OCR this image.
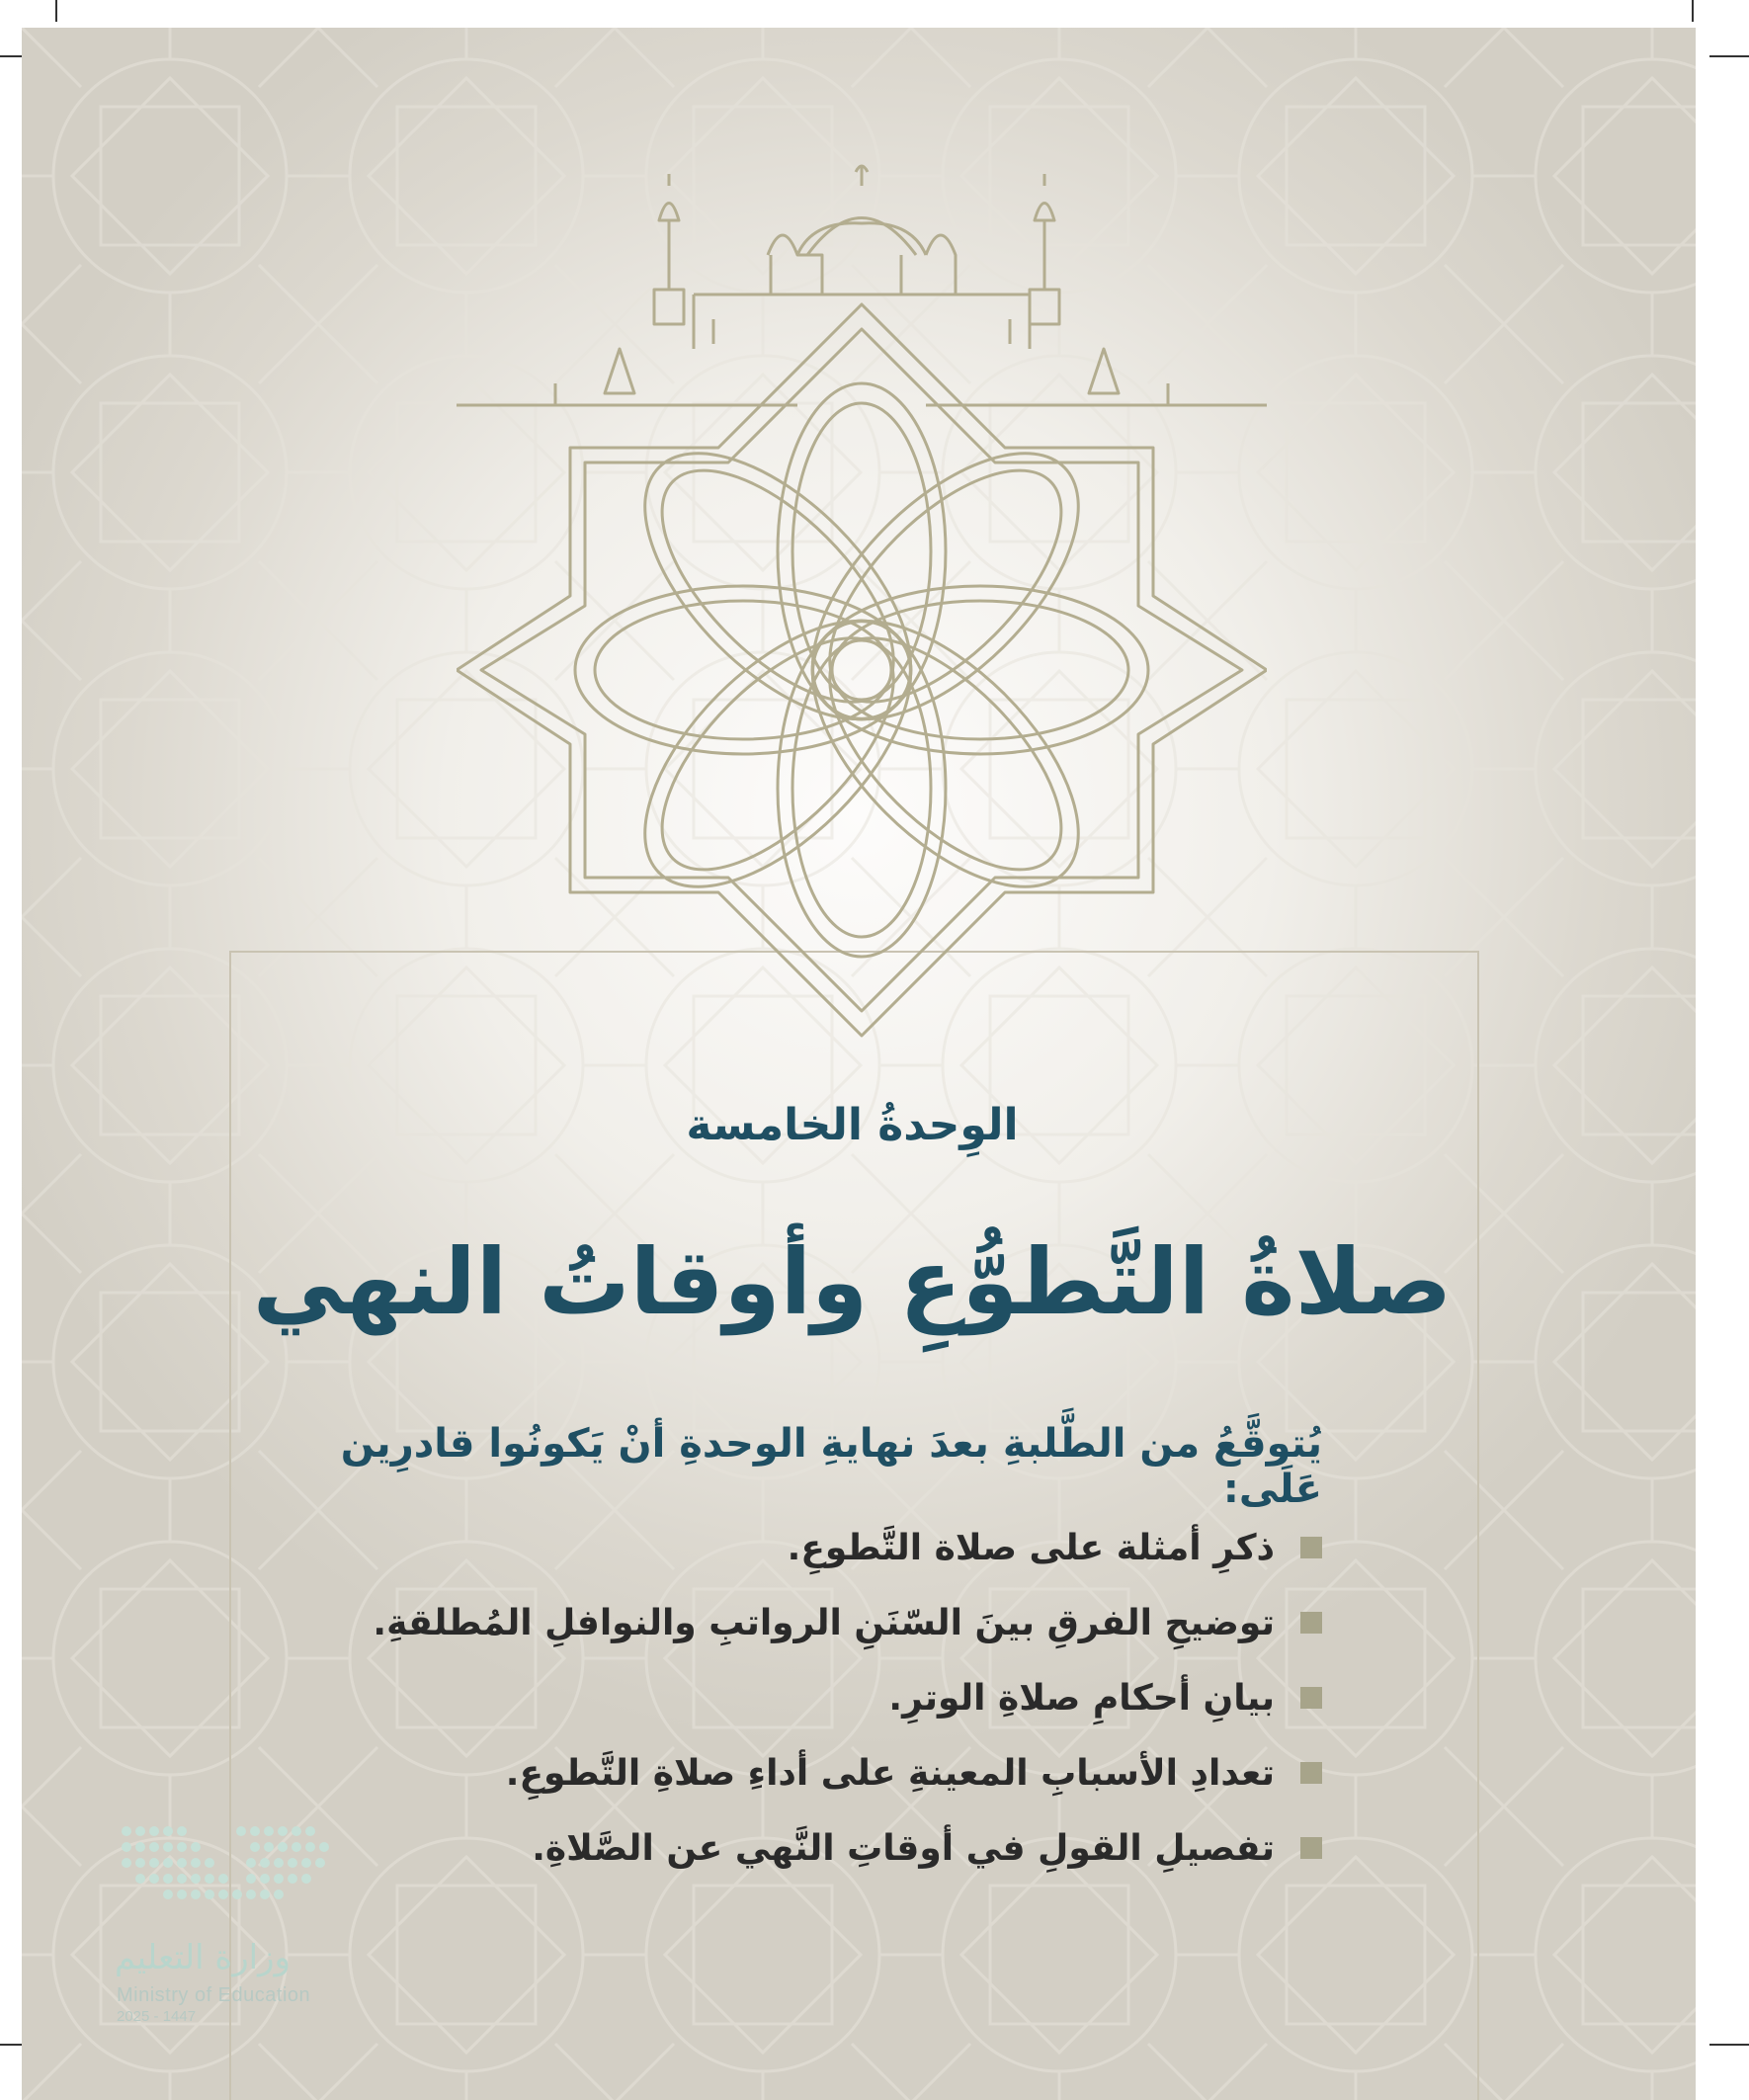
الوِحدةُ الخامسة
صلاةُ التَّطوُّعِ وأوقاتُ النهي
يُتوقَّعُ من الطَّلبةِ بعدَ نهايةِ الوحدةِ أنْ يَكونُوا قادرِين عَلَى:
ذكرِ أمثلة على صلاة التَّطوعِ.
توضيحِ الفرقِ بينَ السّنَنِ الرواتبِ والنوافلِ المُطلقةِ.
بيانِ أحكامِ صلاةِ الوترِ.
تعدادِ الأسبابِ المعينةِ على أداءِ صلاةِ التَّطوعِ.
تفصيلِ القولِ في أوقاتِ النَّهي عن الصَّلاةِ.
وزارة التعليم
Ministry of Education
2025 - 1447
